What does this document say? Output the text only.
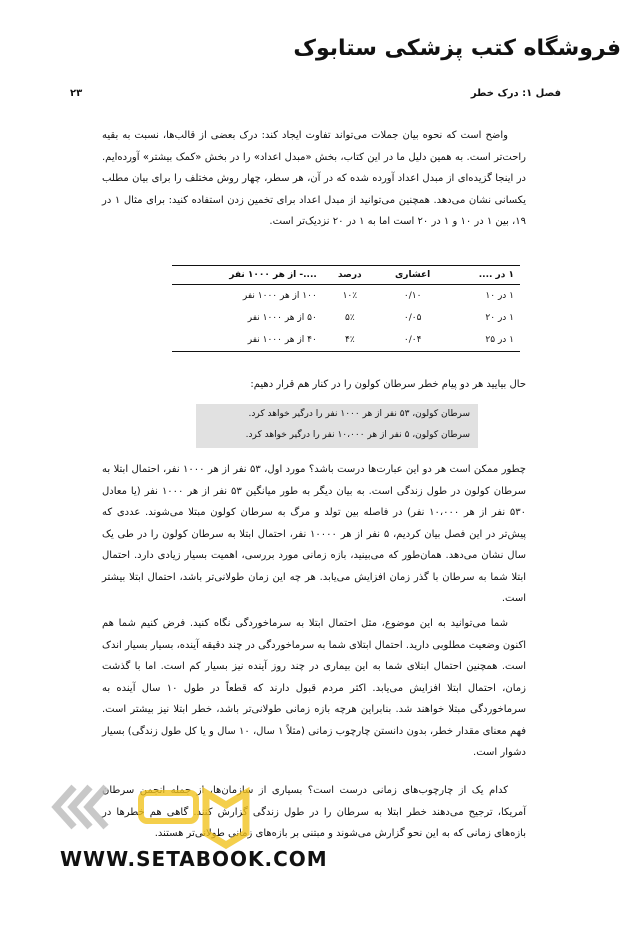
فروشگاه کتب پزشکی ستابوک
فصل ۱: درک خطر
۲۳
واضح است که نحوه بیان جملات می‌تواند تفاوت ایجاد کند: درک بعضی از قالب‌ها، نسبت به بقیه راحت‌تر است. به همین دلیل ما در این کتاب، بخش «مبدل اعداد» را در بخش «کمک بیشتر» آورده‌ایم. در اینجا گزیده‌ای از مبدل اعداد آورده شده که در آن، هر سطر، چهار روش مختلف را برای بیان مطلب یکسانی نشان می‌دهد. همچنین می‌توانید از مبدل اعداد برای تخمین زدن استفاده کنید: برای مثال ۱ در ۱۹، بین ۱ در ۱۰ و ۱ در ۲۰ است اما به ۱ در ۲۰ نزدیک‌تر است.
۱ در ....	اعشاری	درصد	....- از هر ۱۰۰۰ نفر
۱ در ۱۰	۰/۱۰	۱۰٪	۱۰۰ از هر ۱۰۰۰ نفر
۱ در ۲۰	۰/۰۵	۵٪	۵۰ از هر ۱۰۰۰ نفر
۱ در ۲۵	۰/۰۴	۴٪	۴۰ از هر ۱۰۰۰ نفر
حال بیایید هر دو پیام خطر سرطان کولون را در کنار هم قرار دهیم:
سرطان کولون، ۵۳ نفر از هر ۱۰۰۰ نفر را درگیر خواهد کرد.
سرطان کولون، ۵ نفر از هر ۱۰،۰۰۰ نفر را درگیر خواهد کرد.
چطور ممکن است هر دو این عبارت‌ها درست باشد؟ مورد اول، ۵۳ نفر از هر ۱۰۰۰ نفر، احتمال ابتلا به سرطان کولون در طول زندگی است. به بیان دیگر به طور میانگین ۵۳ نفر از هر ۱۰۰۰ نفر (یا معادل ۵۳۰ نفر از هر ۱۰،۰۰۰ نفر) در فاصله بین تولد و مرگ به سرطان کولون مبتلا می‌شوند. عددی که پیش‌تر در این فصل بیان کردیم، ۵ نفر از هر ۱۰۰۰۰ نفر، احتمال ابتلا به سرطان کولون را در طی یک سال نشان می‌دهد. همان‌طور که می‌بینید، بازه زمانی مورد بررسی، اهمیت بسیار زیادی دارد. احتمال ابتلا شما به سرطان با گذر زمان افزایش می‌یابد. هر چه این زمان طولانی‌تر باشد، احتمال ابتلا بیشتر است.
شما می‌توانید به این موضوع، مثل احتمال ابتلا به سرماخوردگی نگاه کنید. فرض کنیم شما هم اکنون وضعیت مطلوبی دارید. احتمال ابتلای شما به سرماخوردگی در چند دقیقه آینده، بسیار بسیار اندک است. همچنین احتمال ابتلای شما به این بیماری در چند روز آینده نیز بسیار کم است. اما با گذشت زمان، احتمال ابتلا افزایش می‌یابد. اکثر مردم قبول دارند که قطعاً در طول ۱۰ سال آینده به سرماخوردگی مبتلا خواهند شد. بنابراین هرچه بازه زمانی طولانی‌تر باشد، خطر ابتلا نیز بیشتر است. فهم معنای مقدار خطر، بدون دانستن چارچوب زمانی (مثلاً ۱ سال، ۱۰ سال و یا کل طول زندگی) بسیار دشوار است.
کدام یک از چارچوب‌های زمانی درست است؟ بسیاری از سازمان‌ها، از جمله انجمن سرطان آمریکا، ترجیح می‌دهند خطر ابتلا به سرطان را در طول زندگی گزارش کنند. گاهی هم خطرها در بازه‌های زمانی که به این نحو گزارش می‌شوند و مبتنی بر بازه‌های زمانی طولانی‌تر هستند.
WWW.SETABOOK.COM
